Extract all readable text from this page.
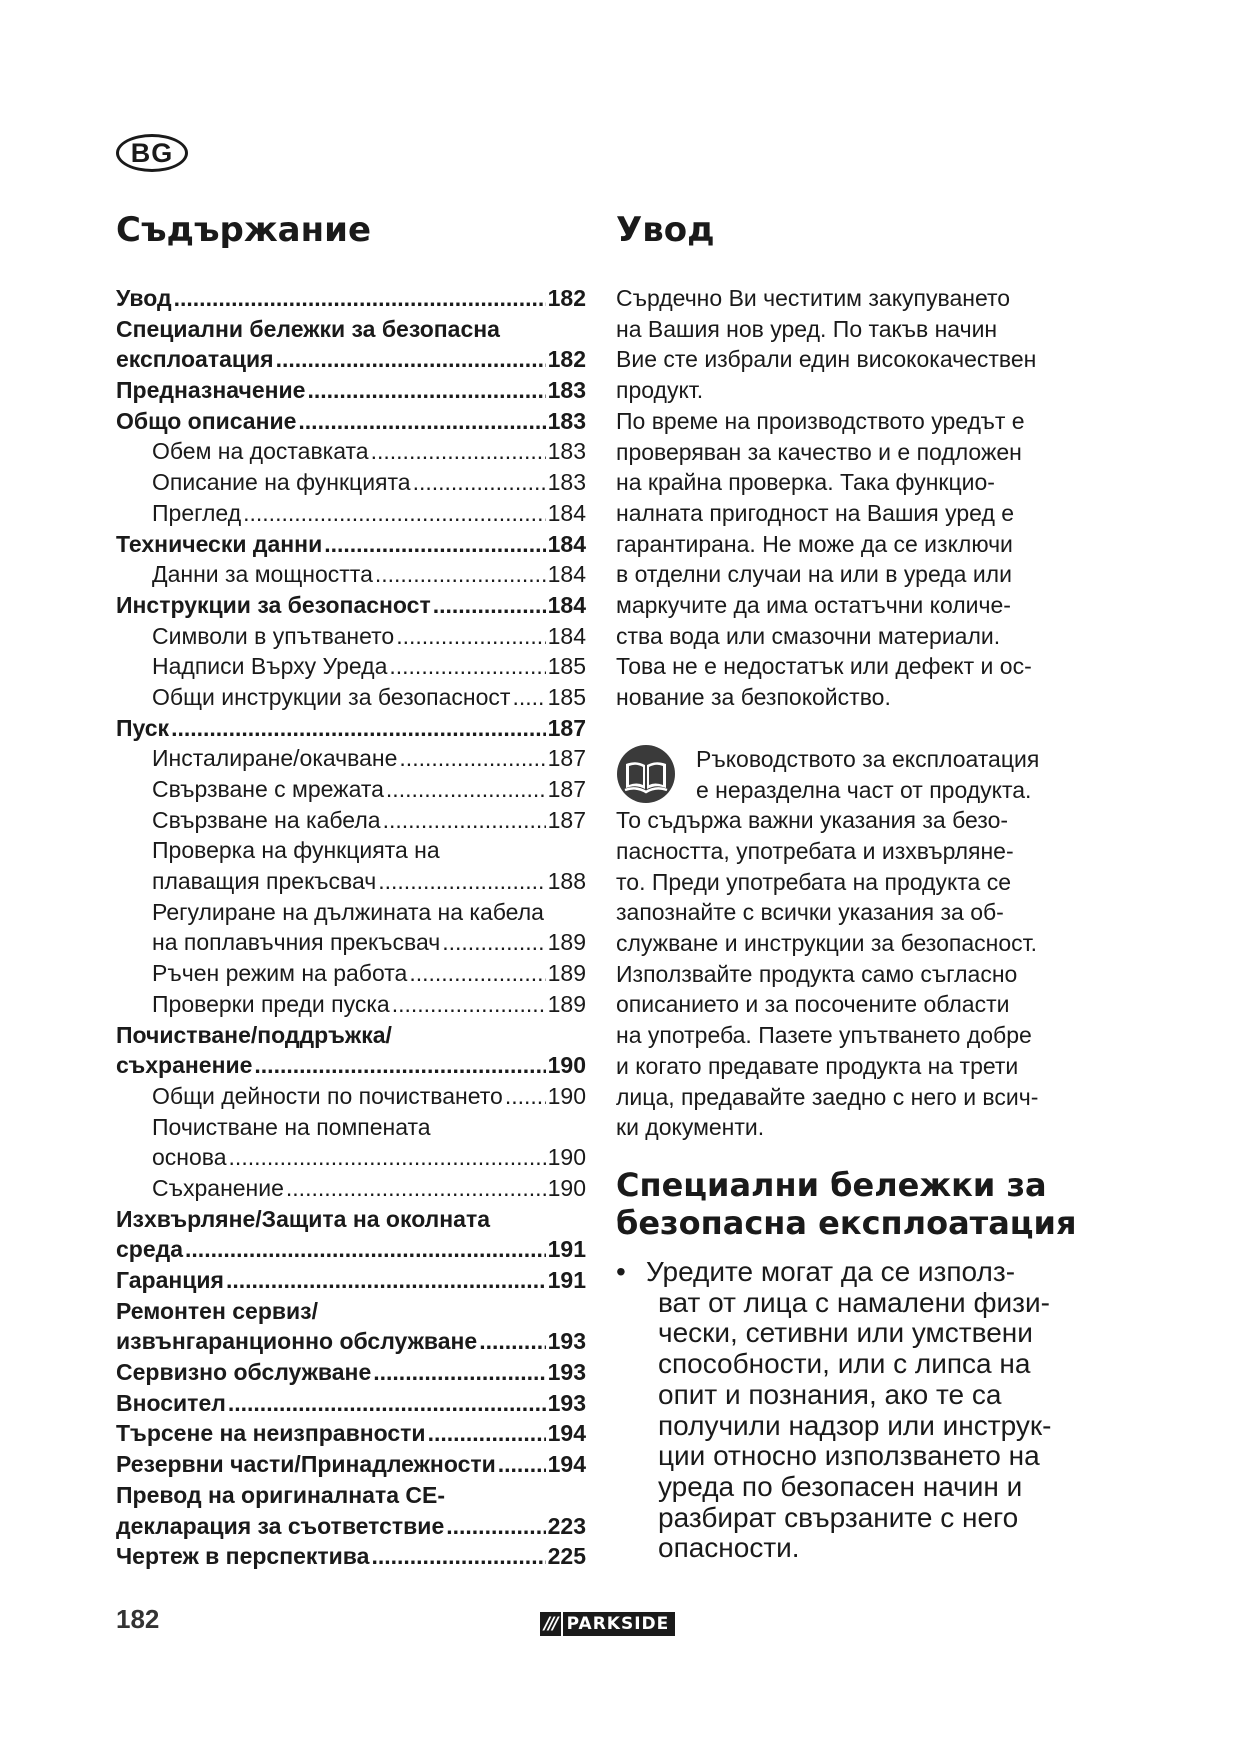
BG
Съдържание
Увод .....	182
Специални бележки за безопасна
експлоатация .....	182
Предназначение .....	183
Общо описание .....	183
Обем на доставката .....	183
Описание на функцията .....	183
Преглед .....	184
Технически данни .....	184
Данни за мощността .....	184
Инструкции за безопасност .....	184
Символи в упътването .....	184
Надписи Върху Уреда .....	185
Общи инструкции за безопасност ..... 185
Пуск .....	187
Инсталиране/окачване .....	187
Свързване с мрежата .....	187
Свързване на кабела .....	187
Проверка на функцията на
плаващия прекъсвач .....	188
Регулиране на дължината на кабела
на поплавъчния прекъсвач .....	189
Ръчен режим на работа .....	189
Проверки преди пуска .....	189
Почистване/поддръжка/
съхранение .....	190
Общи дейности по почистването ..... 190
Почистване на помпената
основа .....	190
Съхранение .....	190
Изхвърляне/Защита на околната
среда .....	191
Гаранция .....	191
Ремонтен сервиз/
извънгаранционно обслужване .....	193
Сервизно обслужване .....	193
Вносител .....	193
Търсене на неизправности .....	194
Резервни части/Принадлежности ..... 194
Превод на оригиналната CE-
декларация за съответствие .....	223
Чертеж в перспектива .....	225
Увод

Сърдечно Ви честитим закупуването
на Вашия нов уред. По такъв начин
Вие сте избрали един висококачествен
продукт.

По време на производството уредът е
проверяван за качество и е подложен
на крайна проверка. Така функцио-
налната пригодност на Вашия уред е
гарантирана. Не може да се изключи
в отделни случаи на или в уреда или
маркучите да има остатъчни количе-
ства вода или смазочни материали.
Това не е недостатък или дефект и ос-
нование за безпокойство.

Ръководството за експлоатация
е неразделна част от продукта.
То съдържа важни указания за безо-
пасността, употребата и изхвърляне-
то. Преди употребата на продукта се
запознайте с всички указания за об-
служване и инструкции за безопасност.
Използвайте продукта само съгласно
описанието и за посочените области
на употреба. Пазете упътването добре
и когато предавате продукта на трети
лица, предавайте заедно с него и всич-
ки документи.
Специални бележки за
безопасна експлоатация
• Уредите могат да се използ-
ват от лица с намалени физи-
чески, сетивни или умствени
способности, или с липса на
опит и познания, ако те са
получили надзор или инструк-
ции относно използването на
уреда по безопасен начин и
разбират свързаните с него
опасности.
182	/// PARKSIDE
